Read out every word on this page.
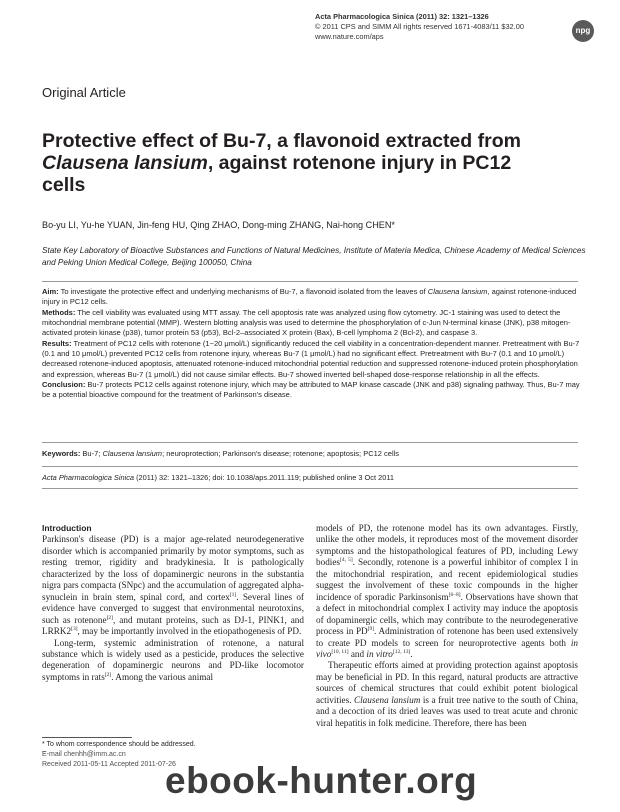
Acta Pharmacologica Sinica (2011) 32: 1321–1326
© 2011 CPS and SIMM All rights reserved 1671-4083/11 $32.00
www.nature.com/aps
npg
Original Article
Protective effect of Bu-7, a flavonoid extracted from
Clausena lansium, against rotenone injury in PC12
cells
Bo-yu LI, Yu-he YUAN, Jin-feng HU, Qing ZHAO, Dong-ming ZHANG, Nai-hong CHEN*
State Key Laboratory of Bioactive Substances and Functions of Natural Medicines, Institute of Materia Medica, Chinese Academy of Medical Sciences and Peking Union Medical College, Beijing 100050, China

Aim: To investigate the protective effect and underlying mechanisms of Bu-7, a flavonoid isolated from the leaves of Clausena lansium, against rotenone-induced injury in PC12 cells.

Methods: The cell viability was evaluated using MTT assay. The cell apoptosis rate was analyzed using flow cytometry. JC-1 staining was used to detect the mitochondrial membrane potential (MMP). Western blotting analysis was used to determine the phosphorylation of c-Jun N-terminal kinase (JNK), p38 mitogen-activated protein kinase (p38), tumor protein 53 (p53), Bcl-2–associated X protein (Bax), B-cell lymphoma 2 (Bcl-2), and caspase 3.

Results: Treatment of PC12 cells with rotenone (1~20 μmol/L) significantly reduced the cell viability in a concentration-dependent manner. Pretreatment with Bu-7 (0.1 and 10 μmol/L) prevented PC12 cells from rotenone injury, whereas Bu-7 (1 μmol/L) had no significant effect. Pretreatment with Bu-7 (0.1 and 10 μmol/L) decreased rotenone-induced apoptosis, attenuated rotenone-induced mitochondrial potential reduction and suppressed rotenone-induced protein phosphorylation and expression, whereas Bu-7 (1 μmol/L) did not cause similar effects. Bu-7 showed inverted bell-shaped dose-response relationship in all the effects.

Conclusion: Bu-7 protects PC12 cells against rotenone injury, which may be attributed to MAP kinase cascade (JNK and p38) signaling pathway. Thus, Bu-7 may be a potential bioactive compound for the treatment of Parkinson's disease.

Keywords: Bu-7; Clausena lansium; neuroprotection; Parkinson's disease; rotenone; apoptosis; PC12 cells
Acta Pharmacologica Sinica (2011) 32: 1321–1326; doi: 10.1038/aps.2011.119; published online 3 Oct 2011

Introduction

Parkinson's disease (PD) is a major age-related neurodegenerative disorder which is accompanied primarily by motor symptoms, such as resting tremor, rigidity and bradykinesia. It is pathologically characterized by the loss of dopaminergic neurons in the substantia nigra pars compacta (SNpc) and the accumulation of aggregated alpha-synuclein in brain stem, spinal cord, and cortex[1]. Several lines of evidence have converged to suggest that environmental neurotoxins, such as rotenone[2], and mutant proteins, such as DJ-1, PINK1, and LRRK2[3], may be importantly involved in the etiopathogenesis of PD.

Long-term, systemic administration of rotenone, a natural substance which is widely used as a pesticide, produces the selective degeneration of dopaminergic neurons and PD-like locomotor symptoms in rats[2]. Among the various animal

models of PD, the rotenone model has its own advantages. Firstly, unlike the other models, it reproduces most of the movement disorder symptoms and the histopathological features of PD, including Lewy bodies[4, 5]. Secondly, rotenone is a powerful inhibitor of complex I in the mitochondrial respiration, and recent epidemiological studies suggest the involvement of these toxic compounds in the higher incidence of sporadic Parkinsonism[6–8]. Observations have shown that a defect in mitochondrial complex I activity may induce the apoptosis of dopaminergic cells, which may contribute to the neurodegenerative process in PD[9]. Administration of rotenone has been used extensively to create PD models to screen for neuroprotective agents both in vivo[10, 11] and in vitro[12, 13].

Therapeutic efforts aimed at providing protection against apoptosis may be beneficial in PD. In this regard, natural products are attractive sources of chemical structures that could exhibit potent biological activities. Clausena lansium is a fruit tree native to the south of China, and a decoction of its dried leaves was used to treat acute and chronic viral hepatitis in folk medicine. Therefore, there has been

* To whom correspondence should be addressed.
E-mail chenhh@imm.ac.cn
Received 2011-05-11 Accepted 2011-07-26
ebook-hunter.org
